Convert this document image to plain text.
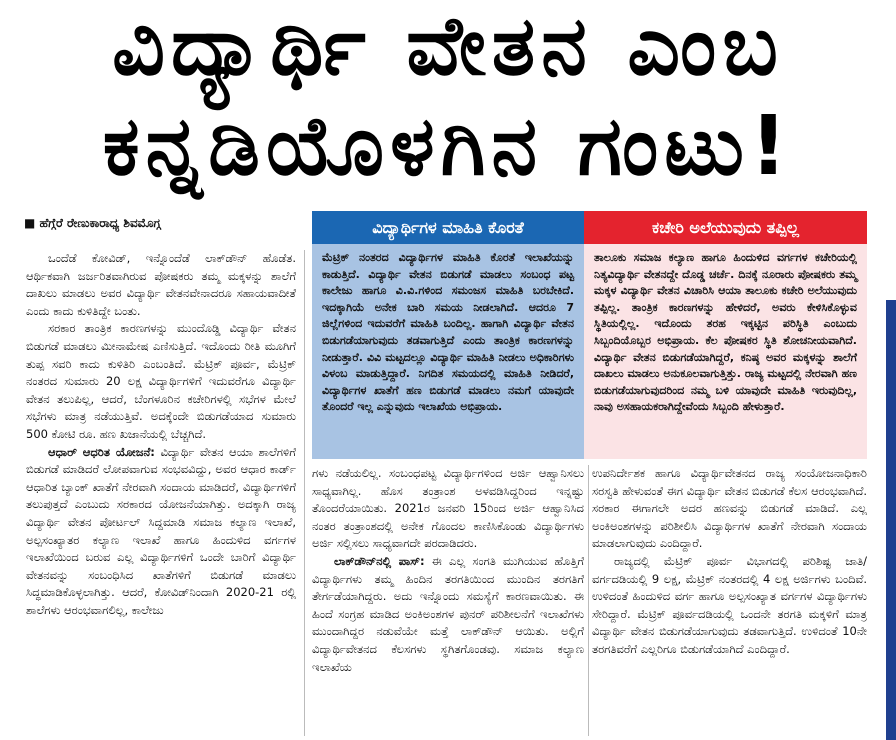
ವಿದ್ಯಾರ್ಥಿ ವೇತನ ಎಂಬ
ಕನ್ನಡಿಯೊಳಗಿನ ಗಂಟು!
■ ಹೆಗ್ಗೆರೆ ರೇಣುಕಾರಾಧ್ಯ ಶಿವಮೊಗ್ಗ

ಒಂದೆಡೆ ಕೋವಿಡ್, ಇನ್ನೊಂದೆಡೆ ಲಾಕ್‌ಡೌನ್ ಹೊಡೆತ. ಆರ್ಥಿಕವಾಗಿ ಜರ್ಜರಿತವಾಗಿರುವ ಪೋಷಕರು ತಮ್ಮ ಮಕ್ಕಳನ್ನು ಶಾಲೆಗೆ ದಾಖಲು ಮಾಡಲು ಅವರ ವಿದ್ಯಾರ್ಥಿ ವೇತನವೇನಾದರೂ ಸಹಾಯವಾದೀತೆ ಎಂದು ಕಾದು ಕುಳಿತಿದ್ದೇ ಬಂತು.

ಸರಕಾರ ತಾಂತ್ರಿಕ ಕಾರಣಗಳನ್ನು ಮುಂದೊಡ್ಡಿ ವಿದ್ಯಾರ್ಥಿ ವೇತನ ಬಿಡುಗಡೆ ಮಾಡಲು ಮೀನಾಮೇಷ ಎಣಿಸುತ್ತಿದೆ. ಇದೊಂದು ರೀತಿ ಮೂಗಿಗೆ ತುಪ್ಪ ಸವರಿ ಕಾದು ಕುಳಿತಿರಿ ಎಂಬಂತಿದೆ. ಮೆಟ್ರಿಕ್ ಪೂರ್ವ, ಮೆಟ್ರಿಕ್ ನಂತರದ ಸುಮಾರು 20 ಲಕ್ಷ ವಿದ್ಯಾರ್ಥಿಗಳಿಗೆ ಇದುವರೆಗೂ ವಿದ್ಯಾರ್ಥಿ ವೇತನ ತಲುಪಿಲ್ಲ, ಆದರೆ, ಬೆಂಗಳೂರಿನ ಕಚೇರಿಗಳಲ್ಲಿ ಸಭೆಗಳ ಮೇಲೆ ಸಭೆಗಳು ಮಾತ್ರ ನಡೆಯುತ್ತಿವೆ. ಅದಕ್ಕೆಂದೇ ಬಿಡುಗಡೆಯಾದ ಸುಮಾರು 500 ಕೋಟಿ ರೂ. ಹಣ ಖಜಾನೆಯಲ್ಲಿ ಬೆಚ್ಚಗಿದೆ.

ಆಧಾರ್ ಆಧರಿತ ಯೋಜನೆ: ವಿದ್ಯಾರ್ಥಿ ವೇತನ ಆಯಾ ಶಾಲೆಗಳಿಗೆ ಬಿಡುಗಡೆ ಮಾಡಿದರೆ ಲೋಪವಾಗುವ ಸಂಭವವಿದ್ದು, ಅವರ ಆಧಾರ ಕಾರ್ಡ್ ಆಧಾರಿತ ಬ್ಯಾಂಕ್ ಖಾತೆಗೆ ನೇರವಾಗಿ ಸಂದಾಯ ಮಾಡಿದರೆ, ವಿದ್ಯಾರ್ಥಿಗಳಿಗೆ ತಲುಪುತ್ತದೆ ಎಂಬುದು ಸರಕಾರದ ಯೋಜನೆಯಾಗಿತ್ತು. ಅದಕ್ಕಾಗಿ ರಾಜ್ಯ ವಿದ್ಯಾರ್ಥಿ ವೇತನ ಪೋರ್ಟಲ್ ಸಿದ್ದಮಾಡಿ ಸಮಾಜ ಕಲ್ಯಾಣ ಇಲಾಖೆ, ಅಲ್ಪಸಂಖ್ಯಾತರ ಕಲ್ಯಾಣ ಇಲಾಖೆ ಹಾಗೂ ಹಿಂದುಳಿದ ವರ್ಗಗಳ ಇಲಾಖೆಯಿಂದ ಬರುವ ಎಲ್ಲ ವಿದ್ಯಾರ್ಥಿಗಳಿಗೆ ಒಂದೇ ಬಾರಿಗೆ ವಿದ್ಯಾರ್ಥಿ ವೇತನವನ್ನು ಸಂಬಂಧಿಸಿದ ಖಾತೆಗಳಿಗೆ ಬಿಡುಗಡೆ ಮಾಡಲು ಸಿದ್ಧಮಾಡಿಕೊಳ್ಳಲಾಗಿತ್ತು. ಆದರೆ, ಕೋವಿಡ್‌ನಿಂದಾಗಿ 2020-21 ರಲ್ಲಿ ಶಾಲೆಗಳು ಆರಂಭವಾಗಲಿಲ್ಲ, ಕಾಲೇಜು

ವಿದ್ಯಾರ್ಥಿಗಳ ಮಾಹಿತಿ ಕೊರತೆ

ಮೆಟ್ರಿಕ್ ನಂತರದ ವಿದ್ಯಾರ್ಥಿಗಳ ಮಾಹಿತಿ ಕೊರತೆ ಇಲಾಖೆಯನ್ನು ಕಾಡುತ್ತಿದೆ. ವಿದ್ಯಾರ್ಥಿ ವೇತನ ಬಿಡುಗಡೆ ಮಾಡಲು ಸಂಬಂಧ ಪಟ್ಟ ಕಾಲೇಜು ಹಾಗೂ ವಿ.ವಿ.ಗಳಿಂದ ಸಮಂಜಸ ಮಾಹಿತಿ ಬರಬೇಕಿದೆ. ಇದಕ್ಕಾಗಿಯೆ ಅನೇಕ ಬಾರಿ ಸಮಯ ನೀಡಲಾಗಿದೆ. ಆದರೂ 7 ಜಿಲ್ಲೆಗಳಿಂದ ಇದುವರೆಗೆ ಮಾಹಿತಿ ಬಂದಿಲ್ಲ. ಹಾಗಾಗಿ ವಿದ್ಯಾರ್ಥಿ ವೇತನ ಬಿಡುಗಡೆಯಾಗುವುದು ತಡವಾಗುತ್ತಿದೆ ಎಂದು ತಾಂತ್ರಿಕ ಕಾರಣಗಳನ್ನು ನೀಡುತ್ತಾರೆ. ವಿವಿ ಮಟ್ಟದಲ್ಲೂ ವಿದ್ಯಾರ್ಥಿ ಮಾಹಿತಿ ನೀಡಲು ಅಧಿಕಾರಿಗಳು ವಿಳಂಬ ಮಾಡುತ್ತಿದ್ದಾರೆ. ನಿಗದಿತ ಸಮಯದಲ್ಲಿ ಮಾಹಿತಿ ನೀಡಿದರೆ, ವಿದ್ಯಾರ್ಥಿಗಳ ಖಾತೆಗೆ ಹಣ ಬಿಡುಗಡೆ ಮಾಡಲು ನಮಗೆ ಯಾವುದೇ ತೊಂದರೆ ಇಲ್ಲ ಎನ್ನುವುದು ಇಲಾಖೆಯ ಅಭಿಪ್ರಾಯ.

ಕಚೇರಿ ಅಲೆಯುವುದು ತಪ್ಪಿಲ್ಲ
ತಾಲೂಕು ಸಮಾಜ ಕಲ್ಯಾಣ ಹಾಗೂ ಹಿಂದುಳಿದ ವರ್ಗಗಳ ಕಚೇರಿಯಲ್ಲಿ ನಿತ್ಯವಿದ್ಯಾರ್ಥಿ ವೇತನದ್ದೇ ದೊಡ್ಡ ಚರ್ಚೆ. ದಿನಕ್ಕೆ ನೂರಾರು ಪೋಷಕರು ತಮ್ಮ ಮಕ್ಕಳ ವಿದ್ಯಾರ್ಥಿ ವೇತನ ವಿಚಾರಿಸಿ ಆಯಾ ತಾಲೂಕು ಕಚೇರಿ ಅಲೆಯುವುದು ತಪ್ಪಿಲ್ಲ. ತಾಂತ್ರಿಕ ಕಾರಣಗಳನ್ನು ಹೇಳಿದರೆ, ಅವರು ಕೇಳಿಸಿಕೊಳ್ಳುವ ಸ್ಥಿತಿಯಲ್ಲಿಲ್ಲ. ಇದೊಂದು ತರಹ ಇಕ್ಕಟ್ಟಿನ ಪರಿಸ್ಥಿತಿ ಎಂಬುದು ಸಿಬ್ಬಂದಿಯೊಬ್ಬರ ಅಭಿಪ್ರಾಯ. ಕೆಲ ಪೋಷಕರ ಸ್ಥಿತಿ ಶೋಚನೀಯವಾಗಿದೆ. ವಿದ್ಯಾರ್ಥಿ ವೇತನ ಬಿಡುಗಡೆಯಾಗಿದ್ದರೆ, ಕನಿಷ್ಠ ಅವರ ಮಕ್ಕಳನ್ನು ಶಾಲೆಗೆ ದಾಖಲು ಮಾಡಲು ಅನುಕೂಲವಾಗುತ್ತಿತ್ತು. ರಾಜ್ಯ ಮಟ್ಟದಲ್ಲಿ ನೇರವಾಗಿ ಹಣ ಬಿಡುಗಡೆಯಾಗುವುದರಿಂದ ನಮ್ಮ ಬಳಿ ಯಾವುದೇ ಮಾಹಿತಿ ಇರುವುದಿಲ್ಲ, ನಾವು ಅಸಹಾಯಕರಾಗಿದ್ದೇವೆಂದು ಸಿಬ್ಬಂದಿ ಹೇಳುತ್ತಾರೆ.

ಗಳು ನಡೆಯಲಿಲ್ಲ. ಸಂಬಂಧಪಟ್ಟ ವಿದ್ಯಾರ್ಥಿಗಳಿಂದ ಅರ್ಜಿ ಆಹ್ವಾನಿಸಲು ಸಾಧ್ಯವಾಗಿಲ್ಲ. ಹೊಸ ತಂತ್ರಾಂಶ ಅಳವಡಿಸಿದ್ದರಿಂದ ಇನ್ನಷ್ಟು ತೊಂದರೆಯಾಯಿತು. 2021ರ ಜನವರಿ 15ರಿಂದ ಅರ್ಜಿ ಆಹ್ವಾನಿಸಿದ ನಂತರ ತಂತ್ರಾಂಶದಲ್ಲಿ ಅನೇಕ ಗೊಂದಲ ಕಾಣಿಸಿಕೊಂಡು ವಿದ್ಯಾರ್ಥಿಗಳು ಅರ್ಜಿ ಸಲ್ಲಿಸಲು ಸಾಧ್ಯವಾಗದೇ ಪರದಾಡಿದರು.

ಲಾಕ್‌ಡೌನ್‌ನಲ್ಲಿ ಪಾಸ್: ಈ ಎಲ್ಲ ಸಂಗತಿ ಮುಗಿಯುವ ಹೊತ್ತಿಗೆ ವಿದ್ಯಾರ್ಥಿಗಳು ತಮ್ಮ ಹಿಂದಿನ ತರಗತಿಯಿಂದ ಮುಂದಿನ ತರಗತಿಗೆ ತೇರ್ಗಡೆಯಾಗಿದ್ದರು. ಅದು ಇನ್ನೊಂದು ಸಮಸ್ಯೆಗೆ ಕಾರಣವಾಯಿತು. ಈ ಹಿಂದೆ ಸಂಗ್ರಹ ಮಾಡಿದ ಅಂಕಿಅಂಶಗಳ ಪುನರ್ ಪರಿಶೀಲನೆಗೆ ಇಲಾಖೆಗಳು ಮುಂದಾಗಿದ್ದರ ನಡುವೆಯೇ ಮತ್ತೆ ಲಾಕ್‌ಡೌನ್ ಆಯಿತು. ಅಲ್ಲಿಗೆ ವಿದ್ಯಾರ್ಥಿವೇತನದ ಕೆಲಸಗಳು ಸ್ಥಗಿತಗೊಂಡವು. ಸಮಾಜ ಕಲ್ಯಾಣ ಇಲಾಖೆಯ

ಉಪನಿರ್ದೇಶಕ ಹಾಗೂ ವಿದ್ಯಾರ್ಥಿವೇತನದ ರಾಜ್ಯ ಸಂಯೋಜನಾಧಿಕಾರಿ ಸರಸ್ವತಿ ಹೇಳುವಂತೆ ಈಗ ವಿದ್ಯಾರ್ಥಿ ವೇತನ ಬಿಡುಗಡೆ ಕೆಲಸ ಆರಂಭವಾಗಿದೆ. ಸರಕಾರ ಈಗಾಗಲೇ ಅದರ ಹಣವನ್ನು ಬಿಡುಗಡೆ ಮಾಡಿದೆ. ಎಲ್ಲ ಅಂಕಿಅಂಶಗಳನ್ನು ಪರಿಶೀಲಿಸಿ ವಿದ್ಯಾರ್ಥಿಗಳ ಖಾತೆಗೆ ನೇರವಾಗಿ ಸಂದಾಯ ಮಾಡಲಾಗುವುದು ಎಂದಿದ್ದಾರೆ.

ರಾಜ್ಯದಲ್ಲಿ ಮೆಟ್ರಿಕ್ ಪೂರ್ವ ವಿಭಾಗದಲ್ಲಿ ಪರಿಶಿಷ್ಟ ಜಾತಿ/ವರ್ಗದಡಿಯಲ್ಲಿ 9 ಲಕ್ಷ, ಮೆಟ್ರಿಕ್ ನಂತರದಲ್ಲಿ 4 ಲಕ್ಷ ಅರ್ಜಿಗಳು ಬಂದಿವೆ. ಉಳಿದಂತೆ ಹಿಂದುಳಿದ ವರ್ಗ ಹಾಗೂ ಅಲ್ಪಸಂಖ್ಯಾತ ವರ್ಗಗಳ ವಿದ್ಯಾರ್ಥಿಗಳು ಸೇರಿದ್ದಾರೆ. ಮೆಟ್ರಿಕ್ ಪೂರ್ವದಡಿಯಲ್ಲಿ ಒಂದನೇ ತರಗತಿ ಮಕ್ಕಳಿಗೆ ಮಾತ್ರ ವಿದ್ಯಾರ್ಥಿ ವೇತನ ಬಿಡುಗಡೆಯಾಗುವುದು ತಡವಾಗುತ್ತಿದೆ. ಉಳಿದಂತೆ 10ನೇ ತರಗತಿವರೆಗೆ ಎಲ್ಲರಿಗೂ ಬಿಡುಗಡೆಯಾಗಿದೆ ಎಂದಿದ್ದಾರೆ.
